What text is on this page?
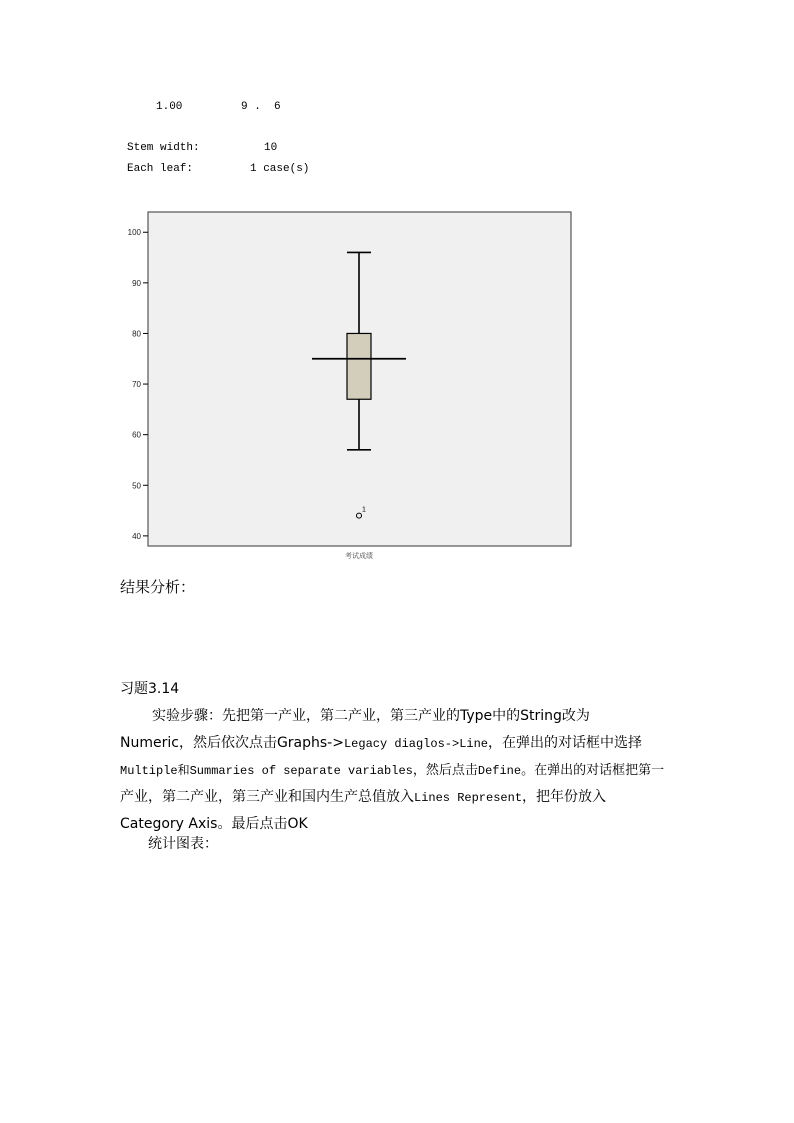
1.00	9 .  6
Stem width:	10
Each leaf:	1 case(s)
40
50
60
70
80
90
100
1
考试成绩
结果分析：
习题3.14
实验步骤：先把第一产业，第二产业，第三产业的Type中的String改为
Numeric，然后依次点击Graphs->Legacy diaglos->Line，在弹出的对话框中选择
Multiple和Summaries of separate variables，然后点击Define。在弹出的对话框把第一
产业，第二产业，第三产业和国内生产总值放入Lines Represent，把年份放入
Category Axis。最后点击OK
统计图表：
